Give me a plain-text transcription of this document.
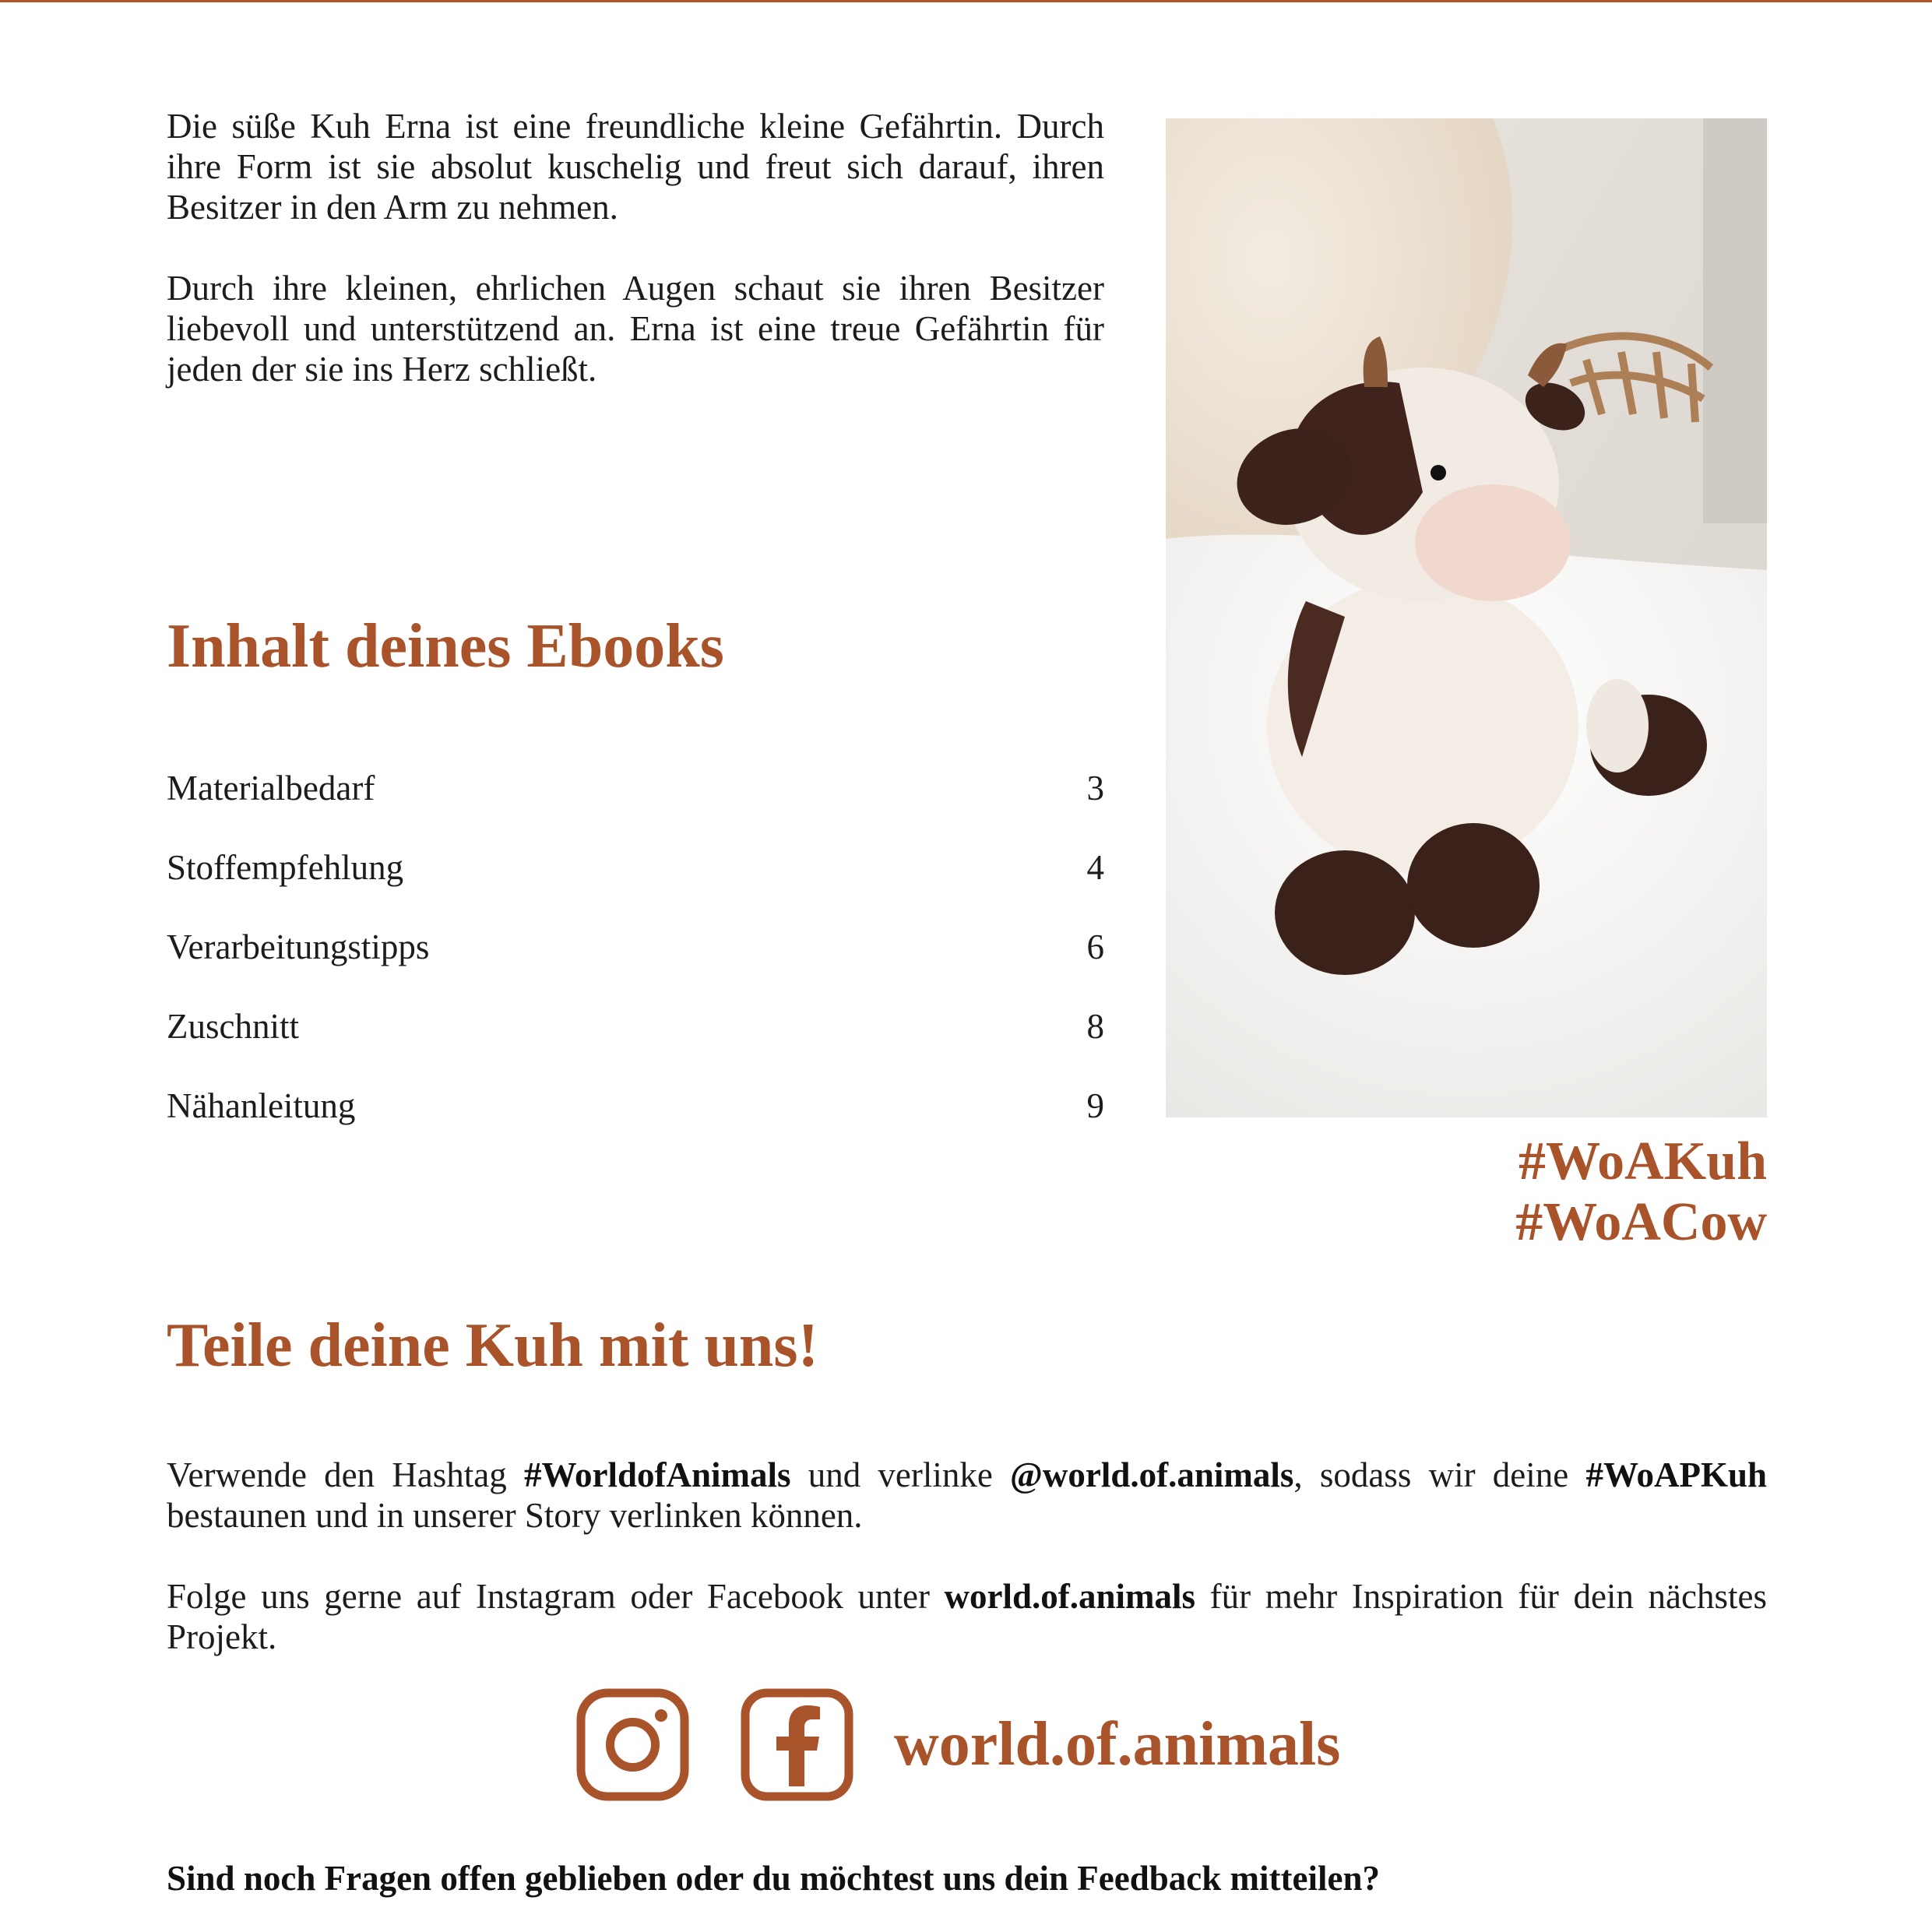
Die süße Kuh Erna ist eine freundliche kleine Gefährtin. Durch ihre Form ist sie absolut kuschelig und freut sich darauf, ihren Besitzer in den Arm zu nehmen.

Durch ihre kleinen, ehrlichen Augen schaut sie ihren Besitzer liebevoll und unterstützend an. Erna ist eine treue Gefährtin für jeden der sie ins Herz schließt.

Inhalt deines Ebooks
Materialbedarf	3
Stoffempfehlung	4
Verarbeitungstipps	6
Zuschnitt	8
Nähanleitung	9
#WoAKuh
#WoACow
Teile deine Kuh mit uns!

Verwende den Hashtag #WorldofAnimals und verlinke @world.of.animals, sodass wir deine #WoAPKuh bestaunen und in unserer Story verlinken können.

Folge uns gerne auf Instagram oder Facebook unter world.of.animals für mehr Inspiration für dein nächstes Projekt.

world.of.animals
Sind noch Fragen offen geblieben oder du möchtest uns dein Feedback mitteilen?
